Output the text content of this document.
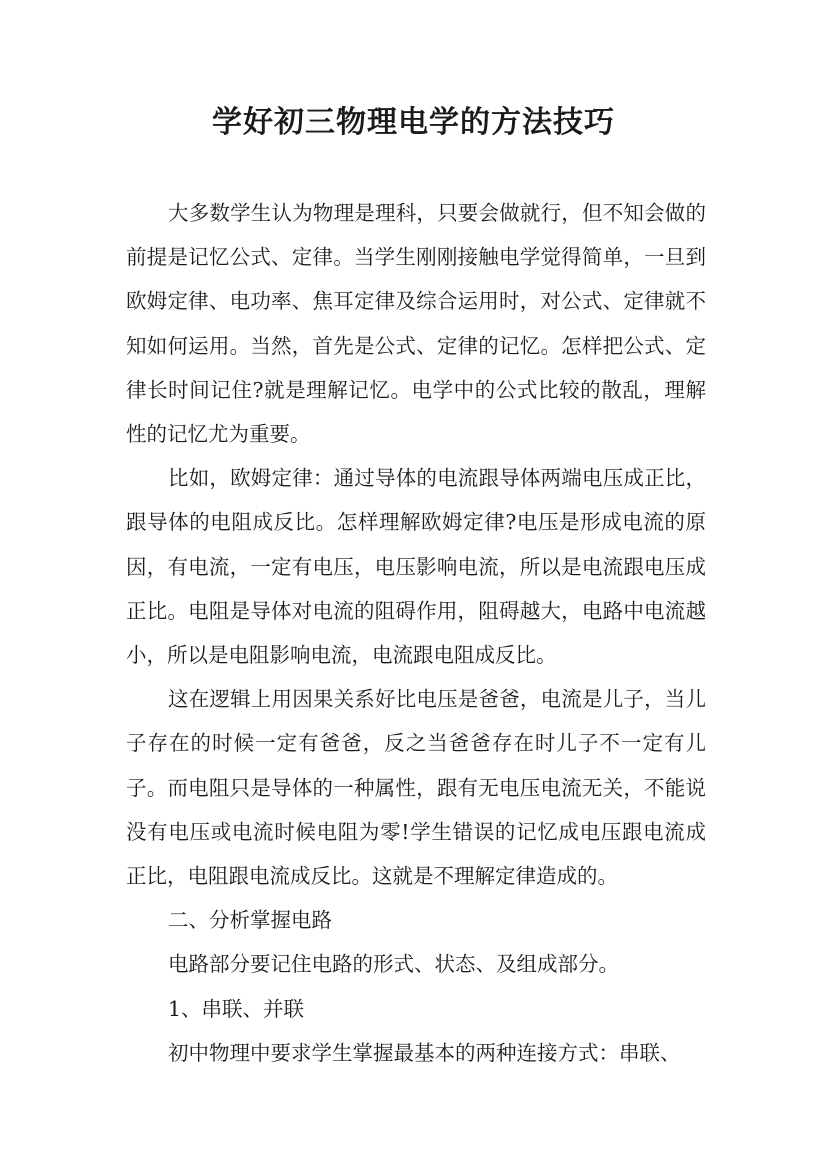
学好初三物理电学的方法技巧

大多数学生认为物理是理科，只要会做就行，但不知会做的前提是记忆公式、定律。当学生刚刚接触电学觉得简单，一旦到欧姆定律、电功率、焦耳定律及综合运用时，对公式、定律就不知如何运用。当然，首先是公式、定律的记忆。怎样把公式、定律长时间记住?就是理解记忆。电学中的公式比较的散乱，理解性的记忆尤为重要。

比如，欧姆定律：通过导体的电流跟导体两端电压成正比，跟导体的电阻成反比。怎样理解欧姆定律?电压是形成电流的原因，有电流，一定有电压，电压影响电流，所以是电流跟电压成正比。电阻是导体对电流的阻碍作用，阻碍越大，电路中电流越小，所以是电阻影响电流，电流跟电阻成反比。

这在逻辑上用因果关系好比电压是爸爸，电流是儿子，当儿子存在的时候一定有爸爸，反之当爸爸存在时儿子不一定有儿子。而电阻只是导体的一种属性，跟有无电压电流无关，不能说没有电压或电流时候电阻为零!学生错误的记忆成电压跟电流成正比，电阻跟电流成反比。这就是不理解定律造成的。

二、分析掌握电路

电路部分要记住电路的形式、状态、及组成部分。

1、串联、并联

初中物理中要求学生掌握最基本的两种连接方式：串联、
